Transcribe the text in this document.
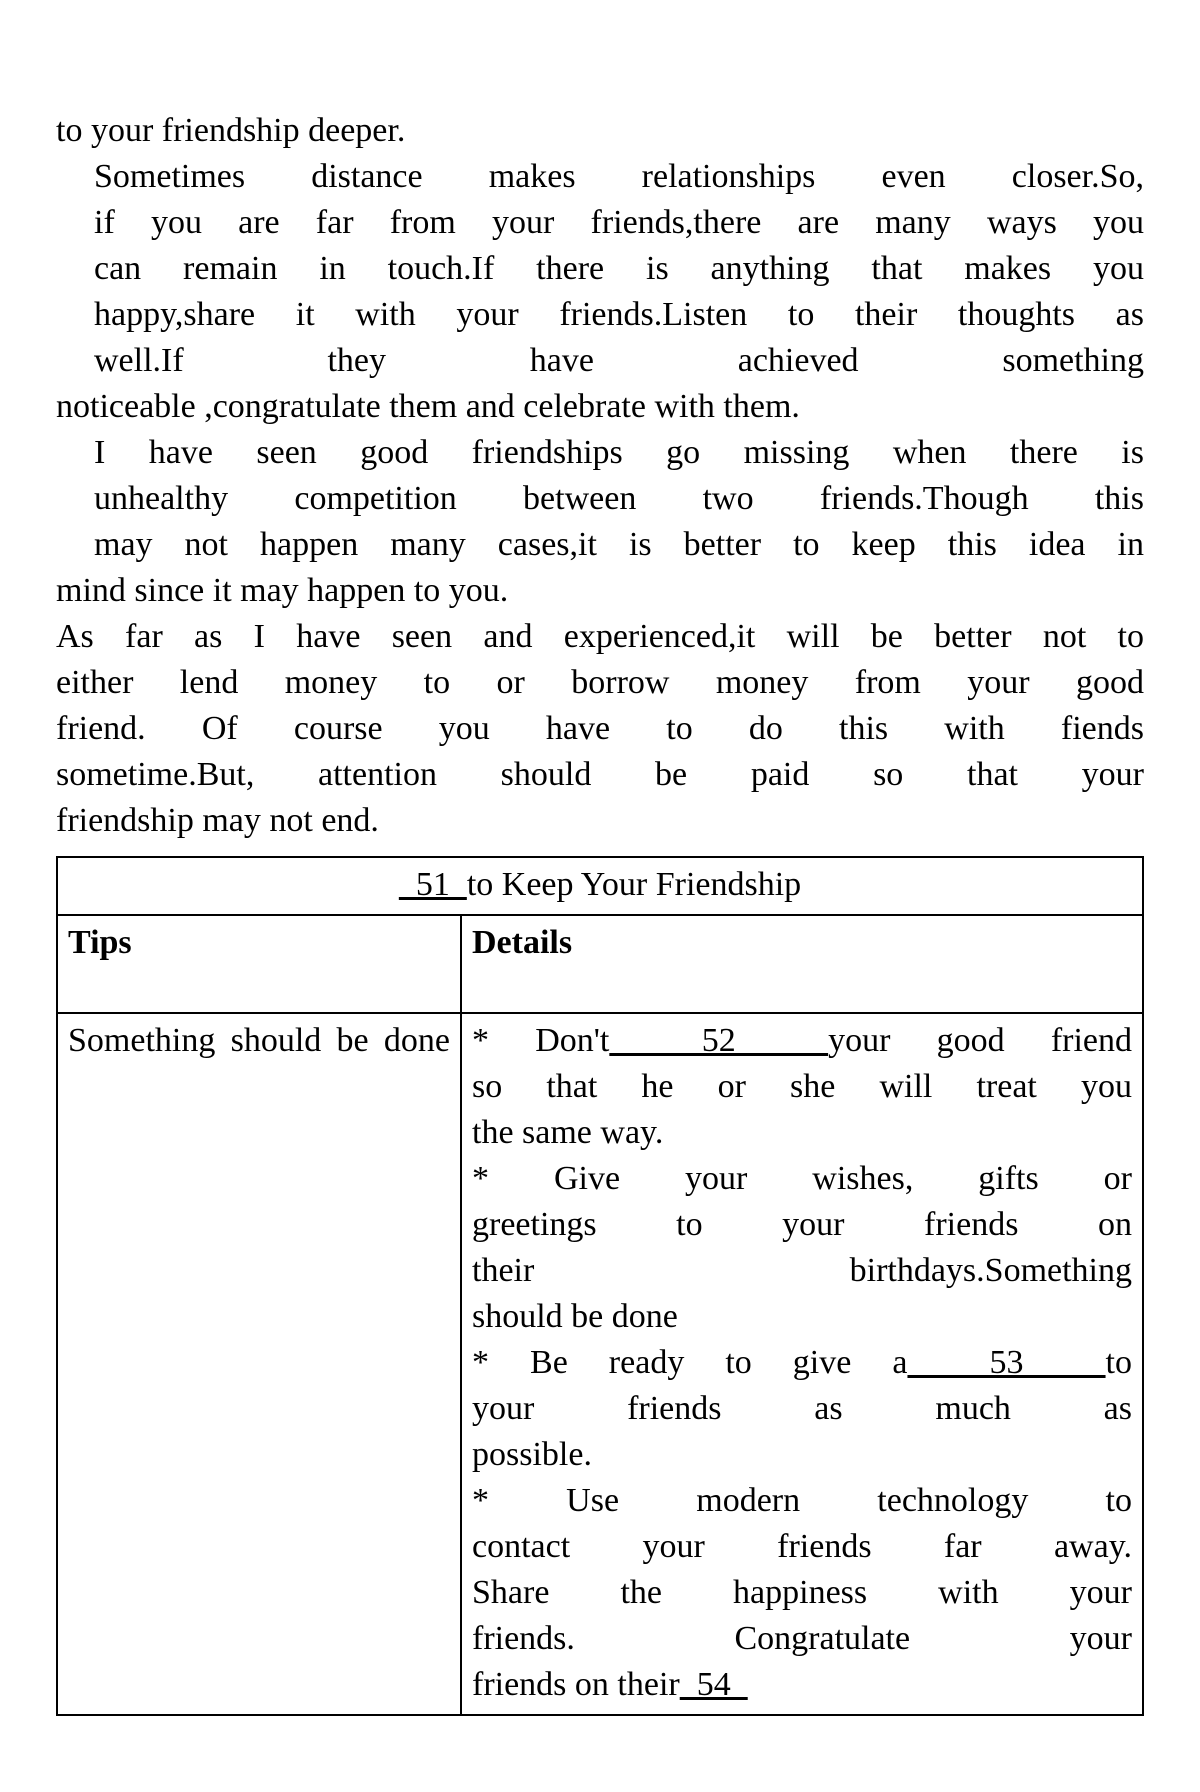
to your friendship deeper.

Sometimes distance makes relationships even closer.So,
if you are far from your friends,there are many ways you
can remain in touch.If there is anything that makes you
happy,share it with your friends.Listen to their thoughts as
well.If they have achieved something
noticeable ,congratulate them and celebrate with them.

I have seen good friendships go missing when there is
unhealthy competition between two friends.Though this
may not happen many cases,it is better to keep this idea in
mind since it may happen to you.

As far as I have seen and experienced,it will be better not to
either lend money to or borrow money from your good
friend. Of course you have to do this with fiends
sometime.But, attention should be paid so that your
friendship may not end.

51  to Keep Your Friendship	
Tips	Details
Something should be done	* Don't  52  your good friend
so that he or she will treat you
the same way.
* Give your wishes, gifts or
greetings to your friends on
their birthdays.Something
should be done
* Be ready to give a  53  to
your friends as much as
possible.
* Use modern technology to
contact your friends far away.
Share the happiness with your
friends. Congratulate your
friends on their  54
